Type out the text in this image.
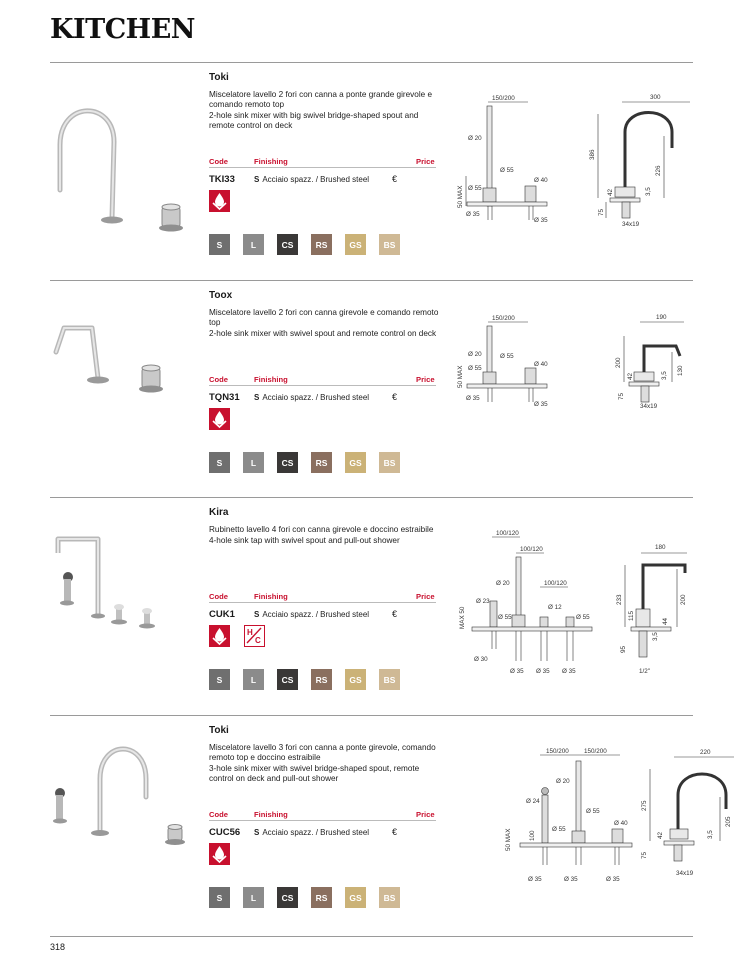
KITCHEN
Toki

Miscelatore lavello 2 fori con canna a ponte grande girevole e comando remoto top

2-hole sink mixer with big swivel bridge-shaped spout and remote control on deck

Code	Finishing	Price
TKI33 S Acciaio spazz. / Brushed steel	€
S	L	CS	RS	GS	BS
150/200
Ø 20
Ø 55
Ø 40
Ø 55
50 MAX
Ø 35
Ø 35
300
386
226
3,5
42
75
34x19
Toox

Miscelatore lavello 2 fori con canna girevole e comando remoto top

2-hole sink mixer with swivel spout and remote control on deck

Code	Finishing	Price
TQN31 S Acciaio spazz. / Brushed steel	€
S	L	CS	RS	GS	BS
150/200
Ø 20	Ø 55
Ø 40
Ø 55
50 MAX
Ø 35
Ø 35
190
200
130
3,5
42
75
34x19
Kira

Rubinetto lavello 4 fori con canna girevole e doccino estraibile

4-hole sink tap with swivel spout and pull-out shower

Code	Finishing	Price
CUK1 S Acciaio spazz. / Brushed steel	€
H
C
S	L	CS	RS	GS	BS
100/120
100/120
100/120
Ø 20
Ø 23
Ø 12
Ø 55	Ø 55
MAX 50
Ø 30
Ø 35 Ø 35 Ø 35
180
233	200
115
44
3,5
95
1/2"
Toki

Miscelatore lavello 3 fori con canna a ponte girevole, comando remoto top e doccino estraibile

3-hole sink mixer with swivel bridge-shaped spout, remote control on deck and pull-out shower

Code	Finishing	Price
CUC56 S Acciaio spazz. / Brushed steel	€
S	L	CS	RS	GS	BS
150/200 150/200
Ø 20
Ø 24
Ø 55
Ø 55
Ø 40
100
50 MAX
Ø 35	Ø 35	Ø 35
220
275
205
3,5
42
75
34x19
318
